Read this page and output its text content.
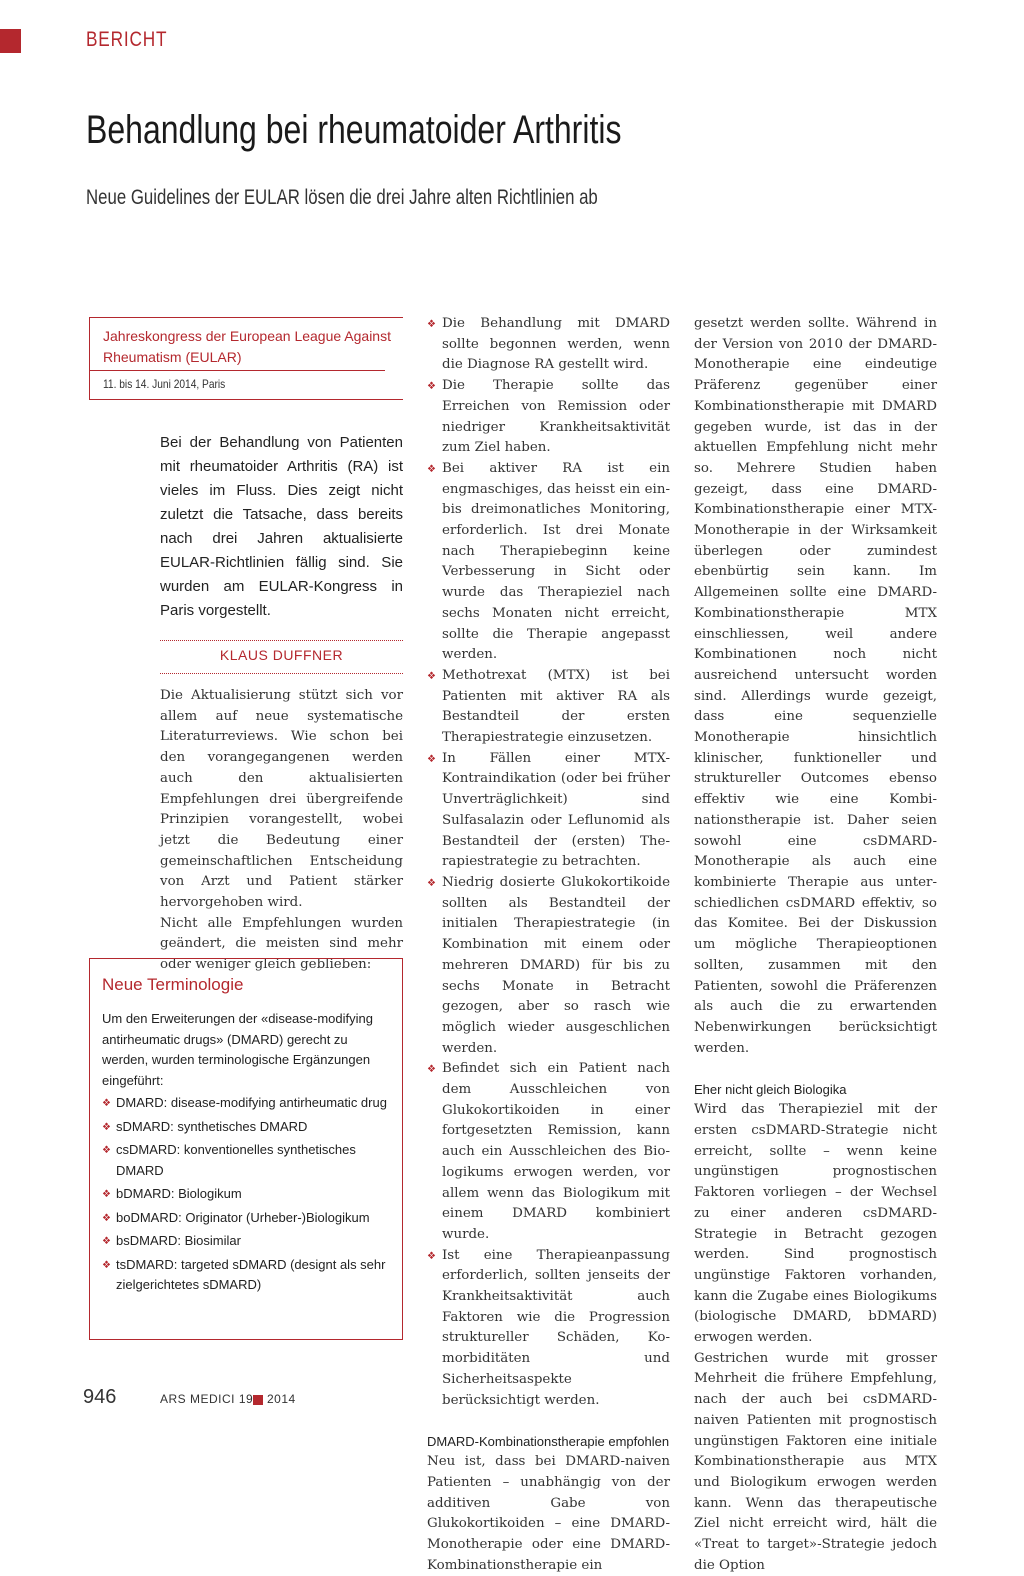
BERICHT
Behandlung bei rheumatoider Arthritis
Neue Guidelines der EULAR lösen die drei Jahre alten Richtlinien ab
Jahreskongress der European League Against Rheumatism (EULAR)
11. bis 14. Juni 2014, Paris
Bei der Behandlung von Patienten mit rheumatoider Arthritis (RA) ist vieles im Fluss. Dies zeigt nicht zuletzt die Tatsache, dass bereits nach drei Jahren aktualisierte EULAR-Richtlinien fällig sind. Sie wurden am EULAR-Kongress in Paris vorgestellt.
KLAUS DUFFNER

Die Aktualisierung stützt sich vor allem auf neue systematische Literaturreviews. Wie schon bei den vorangegangenen werden auch den aktualisierten Empfehlungen drei übergreifende Prinzipien vorangestellt, wobei jetzt die Bedeutung einer gemeinschaftlichen Entscheidung von Arzt und Patient stärker hervorgehoben wird.

Nicht alle Empfehlungen wurden geändert, die meisten sind mehr oder weniger gleich geblieben:

Neue Terminologie
Um den Erweiterungen der «disease-modifying antirheumatic drugs» (DMARD) gerecht zu werden, wurden terminologische Ergänzungen eingeführt:
❖ DMARD: disease-modifying antirheumatic drug
❖ sDMARD: synthetisches DMARD
❖ csDMARD: konventionelles synthetisches DMARD
❖ bDMARD: Biologikum
❖ boDMARD: Originator (Urheber-)Biologikum
❖ bsDMARD: Biosimilar
❖ tsDMARD: targeted sDMARD (designt als sehr zielgerichtetes sDMARD)
❖ Die Behandlung mit DMARD sollte begonnen werden, wenn die Diagnose RA gestellt wird.
❖ Die Therapie sollte das Erreichen von Remission oder niedriger Krankheitsaktivität zum Ziel haben.
❖ Bei aktiver RA ist ein engmaschiges, das heisst ein ein- bis dreimonatliches Monitoring, erforderlich. Ist drei Monate nach Therapiebeginn keine Verbesserung in Sicht oder wurde das Therapieziel nach sechs Monaten nicht erreicht, sollte die Therapie angepasst werden.
❖ Methotrexat (MTX) ist bei Patienten mit aktiver RA als Bestandteil der ersten Therapiestrategie einzusetzen.
❖ In Fällen einer MTX-Kontraindikation (oder bei früher Unverträglichkeit) sind Sulfasalazin oder Leflunomid als Bestandteil der (ersten) Therapiestrategie zu betrachten.
❖ Niedrig dosierte Glukokortikoide sollten als Bestandteil der initialen Therapiestrategie (in Kombination mit einem oder mehreren DMARD) für bis zu sechs Monate in Betracht gezogen, aber so rasch wie möglich wieder ausgeschlichen werden.
❖ Befindet sich ein Patient nach dem Ausschleichen von Glukokortikoiden in einer fortgesetzten Remission, kann auch ein Ausschleichen des Biologikums erwogen werden, vor allem wenn das Biologikum mit einem DMARD kombiniert wurde.
❖ Ist eine Therapieanpassung erforderlich, sollten jenseits der Krankheitsaktivität auch Faktoren wie die Progression struktureller Schäden, Komorbiditäten und Sicherheitsaspekte berücksichtigt werden.
DMARD-Kombinationstherapie empfohlen

Neu ist, dass bei DMARD-naiven Patienten – unabhängig von der additiven Gabe von Glukokortikoiden – eine DMARD-Monotherapie oder eine DMARD-Kombinationstherapie ein

gesetzt werden sollte. Während in der Version von 2010 der DMARD-Monotherapie eine eindeutige Präferenz gegenüber einer Kombinationstherapie mit DMARD gegeben wurde, ist das in der aktuellen Empfehlung nicht mehr so. Mehrere Studien haben gezeigt, dass eine DMARD-Kombinationstherapie einer MTX-Monotherapie in der Wirksamkeit überlegen oder zumindest ebenbürtig sein kann. Im Allgemeinen sollte eine DMARD-Kombinationstherapie MTX einschliessen, weil andere Kombinationen noch nicht ausreichend untersucht worden sind. Allerdings wurde gezeigt, dass eine sequenzielle Monotherapie hinsichtlich klinischer, funktioneller und struktureller Outcomes ebenso effektiv wie eine Kombinationstherapie ist. Daher seien sowohl eine csDMARD-Monotherapie als auch eine kombinierte Therapie aus unterschiedlichen csDMARD effektiv, so das Komitee. Bei der Diskussion um mögliche Therapieoptionen sollten, zusammen mit den Patienten, sowohl die Präferenzen als auch die zu erwartenden Nebenwirkungen berücksichtigt werden.

Eher nicht gleich Biologika

Wird das Therapieziel mit der ersten csDMARD-Strategie nicht erreicht, sollte – wenn keine ungünstigen prognostischen Faktoren vorliegen – der Wechsel zu einer anderen csDMARD-Strategie in Betracht gezogen werden. Sind prognostisch ungünstige Faktoren vorhanden, kann die Zugabe eines Biologikums (biologische DMARD, bDMARD) erwogen werden.

Gestrichen wurde mit grosser Mehrheit die frühere Empfehlung, nach der auch bei csDMARD-naiven Patienten mit prognostisch ungünstigen Faktoren eine initiale Kombinationstherapie aus MTX und Biologikum erwogen werden kann. Wenn das therapeutische Ziel nicht erreicht wird, hält die «Treat to target»-Strategie jedoch die Option

946	ARS MEDICI 19 2014
